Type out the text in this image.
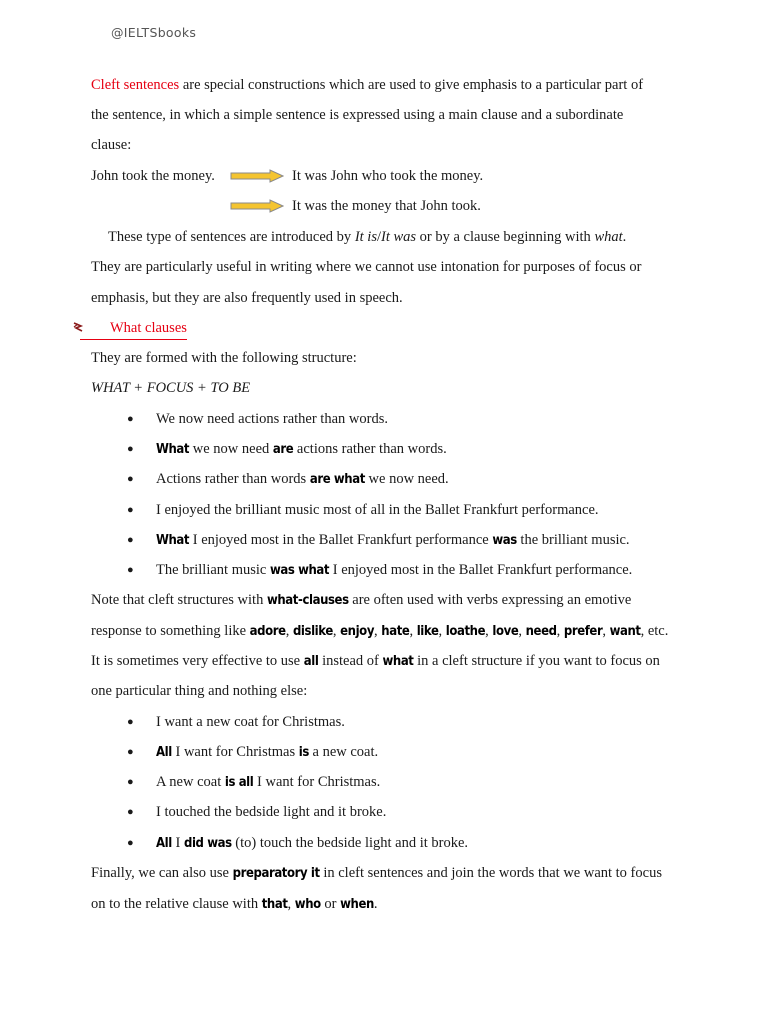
@IELTSbooks
Cleft sentences are special constructions which are used to give emphasis to a particular part of
the sentence, in which a simple sentence is expressed using a main clause and a subordinate
clause:
John took the money.	It was John who took the money.
It was the money that John took.
These type of sentences are introduced by It is/It was or by a clause beginning with what.
They are particularly useful in writing where we cannot use intonation for purposes of focus or
emphasis, but they are also frequently used in speech.
What clauses
They are formed with the following structure:
WHAT + FOCUS + TO BE
● We now need actions rather than words.
● What we now need are actions rather than words.
● Actions rather than words are what we now need.
● I enjoyed the brilliant music most of all in the Ballet Frankfurt performance.
● What I enjoyed most in the Ballet Frankfurt performance was the brilliant music.
● The brilliant music was what I enjoyed most in the Ballet Frankfurt performance.
Note that cleft structures with what-clauses are often used with verbs expressing an emotive
response to something like adore, dislike, enjoy, hate, like, loathe, love, need, prefer, want, etc.
It is sometimes very effective to use all instead of what in a cleft structure if you want to focus on
one particular thing and nothing else:
● I want a new coat for Christmas.
● All I want for Christmas is a new coat.
● A new coat is all I want for Christmas.
● I touched the bedside light and it broke.
● All I did was (to) touch the bedside light and it broke.
Finally, we can also use preparatory it in cleft sentences and join the words that we want to focus
on to the relative clause with that, who or when.
